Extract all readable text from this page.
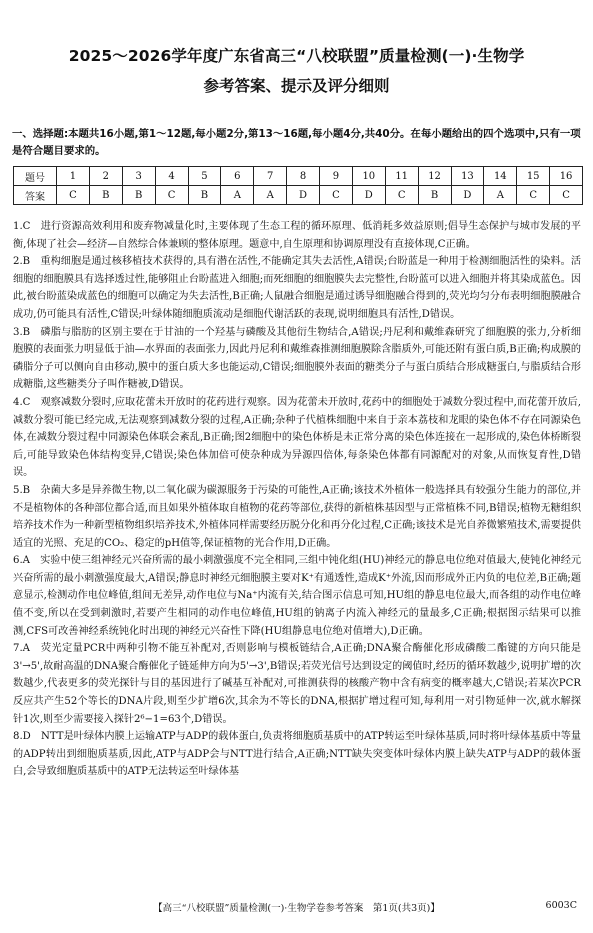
2025～2026学年度广东省高三“八校联盟”质量检测(一)·生物学
参考答案、提示及评分细则
一、选择题:本题共16小题,第1～12题,每小题2分,第13～16题,每小题4分,共40分。在每小题给出的四个选项中,只有一项是符合题目要求的。
题号	1	2	3	4	5	6	7	8	9	10	11	12	13	14	15	16
答案	C	B	B	C	B	A	A	D	C	D	C	B	D	A	C	C

1.C　进行资源高效利用和废弃物减量化时,主要体现了生态工程的循环原理、低消耗多效益原则;倡导生态保护与城市发展的平衡,体现了社会—经济—自然综合体兼顾的整体原理。题意中,自生原理和协调原理没有直接体现,C正确。

2.B　重构细胞是通过核移植技术获得的,具有潜在活性,不能确定其失去活性,A错误;台盼蓝是一种用于检测细胞活性的染料。活细胞的细胞膜具有选择透过性,能够阻止台盼蓝进入细胞;而死细胞的细胞膜失去完整性,台盼蓝可以进入细胞并将其染成蓝色。因此,被台盼蓝染成蓝色的细胞可以确定为失去活性,B正确;人鼠融合细胞是通过诱导细胞融合得到的,荧光均匀分布表明细胞膜融合成功,仍可能具有活性,C错误;叶绿体随细胞质流动是细胞代谢活跃的表现,说明细胞具有活性,D错误。

3.B　磷脂与脂肪的区别主要在于甘油的一个羟基与磷酸及其他衍生物结合,A错误;丹尼利和戴维森研究了细胞膜的张力,分析细胞膜的表面张力明显低于油—水界面的表面张力,因此丹尼利和戴维森推测细胞膜除含脂质外,可能还附有蛋白质,B正确;构成膜的磷脂分子可以侧向自由移动,膜中的蛋白质大多也能运动,C错误;细胞膜外表面的糖类分子与蛋白质结合形成糖蛋白,与脂质结合形成糖脂,这些糖类分子叫作糖被,D错误。

4.C　观察减数分裂时,应取花蕾未开放时的花药进行观察。因为花蕾未开放时,花药中的细胞处于减数分裂过程中,而花蕾开放后,减数分裂可能已经完成,无法观察到减数分裂的过程,A正确;杂种子代植株细胞中来自于亲本荔枝和龙眼的染色体不存在同源染色体,在减数分裂过程中同源染色体联会紊乱,B正确;图2细胞中的染色体桥是未正常分离的染色体连接在一起形成的,染色体桥断裂后,可能导致染色体结构变异,C错误;染色体加倍可使杂种成为异源四倍体,每条染色体都有同源配对的对象,从而恢复育性,D错误。

5.B　杂菌大多是异养微生物,以二氧化碳为碳源服务于污染的可能性,A正确;该技术外植体一般选择具有较强分生能力的部位,并不是植物体的各种部位都合适,而且如果外植体取自植物的花药等部位,获得的新植株基因型与正常植株不同,B错误;植物无糖组织培养技术作为一种新型植物组织培养技术,外植体同样需要经历脱分化和再分化过程,C正确;该技术是光自养微繁殖技术,需要提供适宜的光照、充足的CO₂、稳定的pH值等,保证植物的光合作用,D正确。

6.A　实验中使三组神经元兴奋所需的最小刺激强度不完全相同,三组中钝化组(HU)神经元的静息电位绝对值最大,使钝化神经元兴奋所需的最小刺激强度最大,A错误;静息时神经元细胞膜主要对K⁺有通透性,造成K⁺外流,因而形成外正内负的电位差,B正确;题意显示,检测动作电位峰值,组间无差异,动作电位与Na⁺内流有关,结合图示信息可知,HU组的静息电位最大,而各组的动作电位峰值不变,所以在受到刺激时,若要产生相同的动作电位峰值,HU组的钠离子内流入神经元的量最多,C正确;根据图示结果可以推测,CFS可改善神经系统钝化时出现的神经元兴奋性下降(HU组静息电位绝对值增大),D正确。

7.A　荧光定量PCR中两种引物不能互补配对,否则影响与模板链结合,A正确;DNA聚合酶催化形成磷酸二酯键的方向只能是3'→5',故耐高温的DNA聚合酶催化子链延伸方向为5'→3',B错误;若荧光信号达到设定的阈值时,经历的循环数越少,说明扩增的次数越少,代表更多的荧光探针与目的基因进行了碱基互补配对,可推测获得的核酸产物中含有病变的概率越大,C错误;若某次PCR反应共产生52个等长的DNA片段,则至少扩增6次,其余为不等长的DNA,根据扩增过程可知,每利用一对引物延伸一次,就水解探针1次,则至少需要接入探针2⁶−1=63个,D错误。

8.D　NTT是叶绿体内膜上运输ATP与ADP的载体蛋白,负责将细胞质基质中的ATP转运至叶绿体基质,同时将叶绿体基质中等量的ADP转出到细胞质基质,因此,ATP与ADP会与NTT进行结合,A正确;NTT缺失突变体叶绿体内膜上缺失ATP与ADP的载体蛋白,会导致细胞质基质中的ATP无法转运至叶绿体基

【高三“八校联盟”质量检测(一)·生物学卷参考答案　第1页(共3页)】	6003C
